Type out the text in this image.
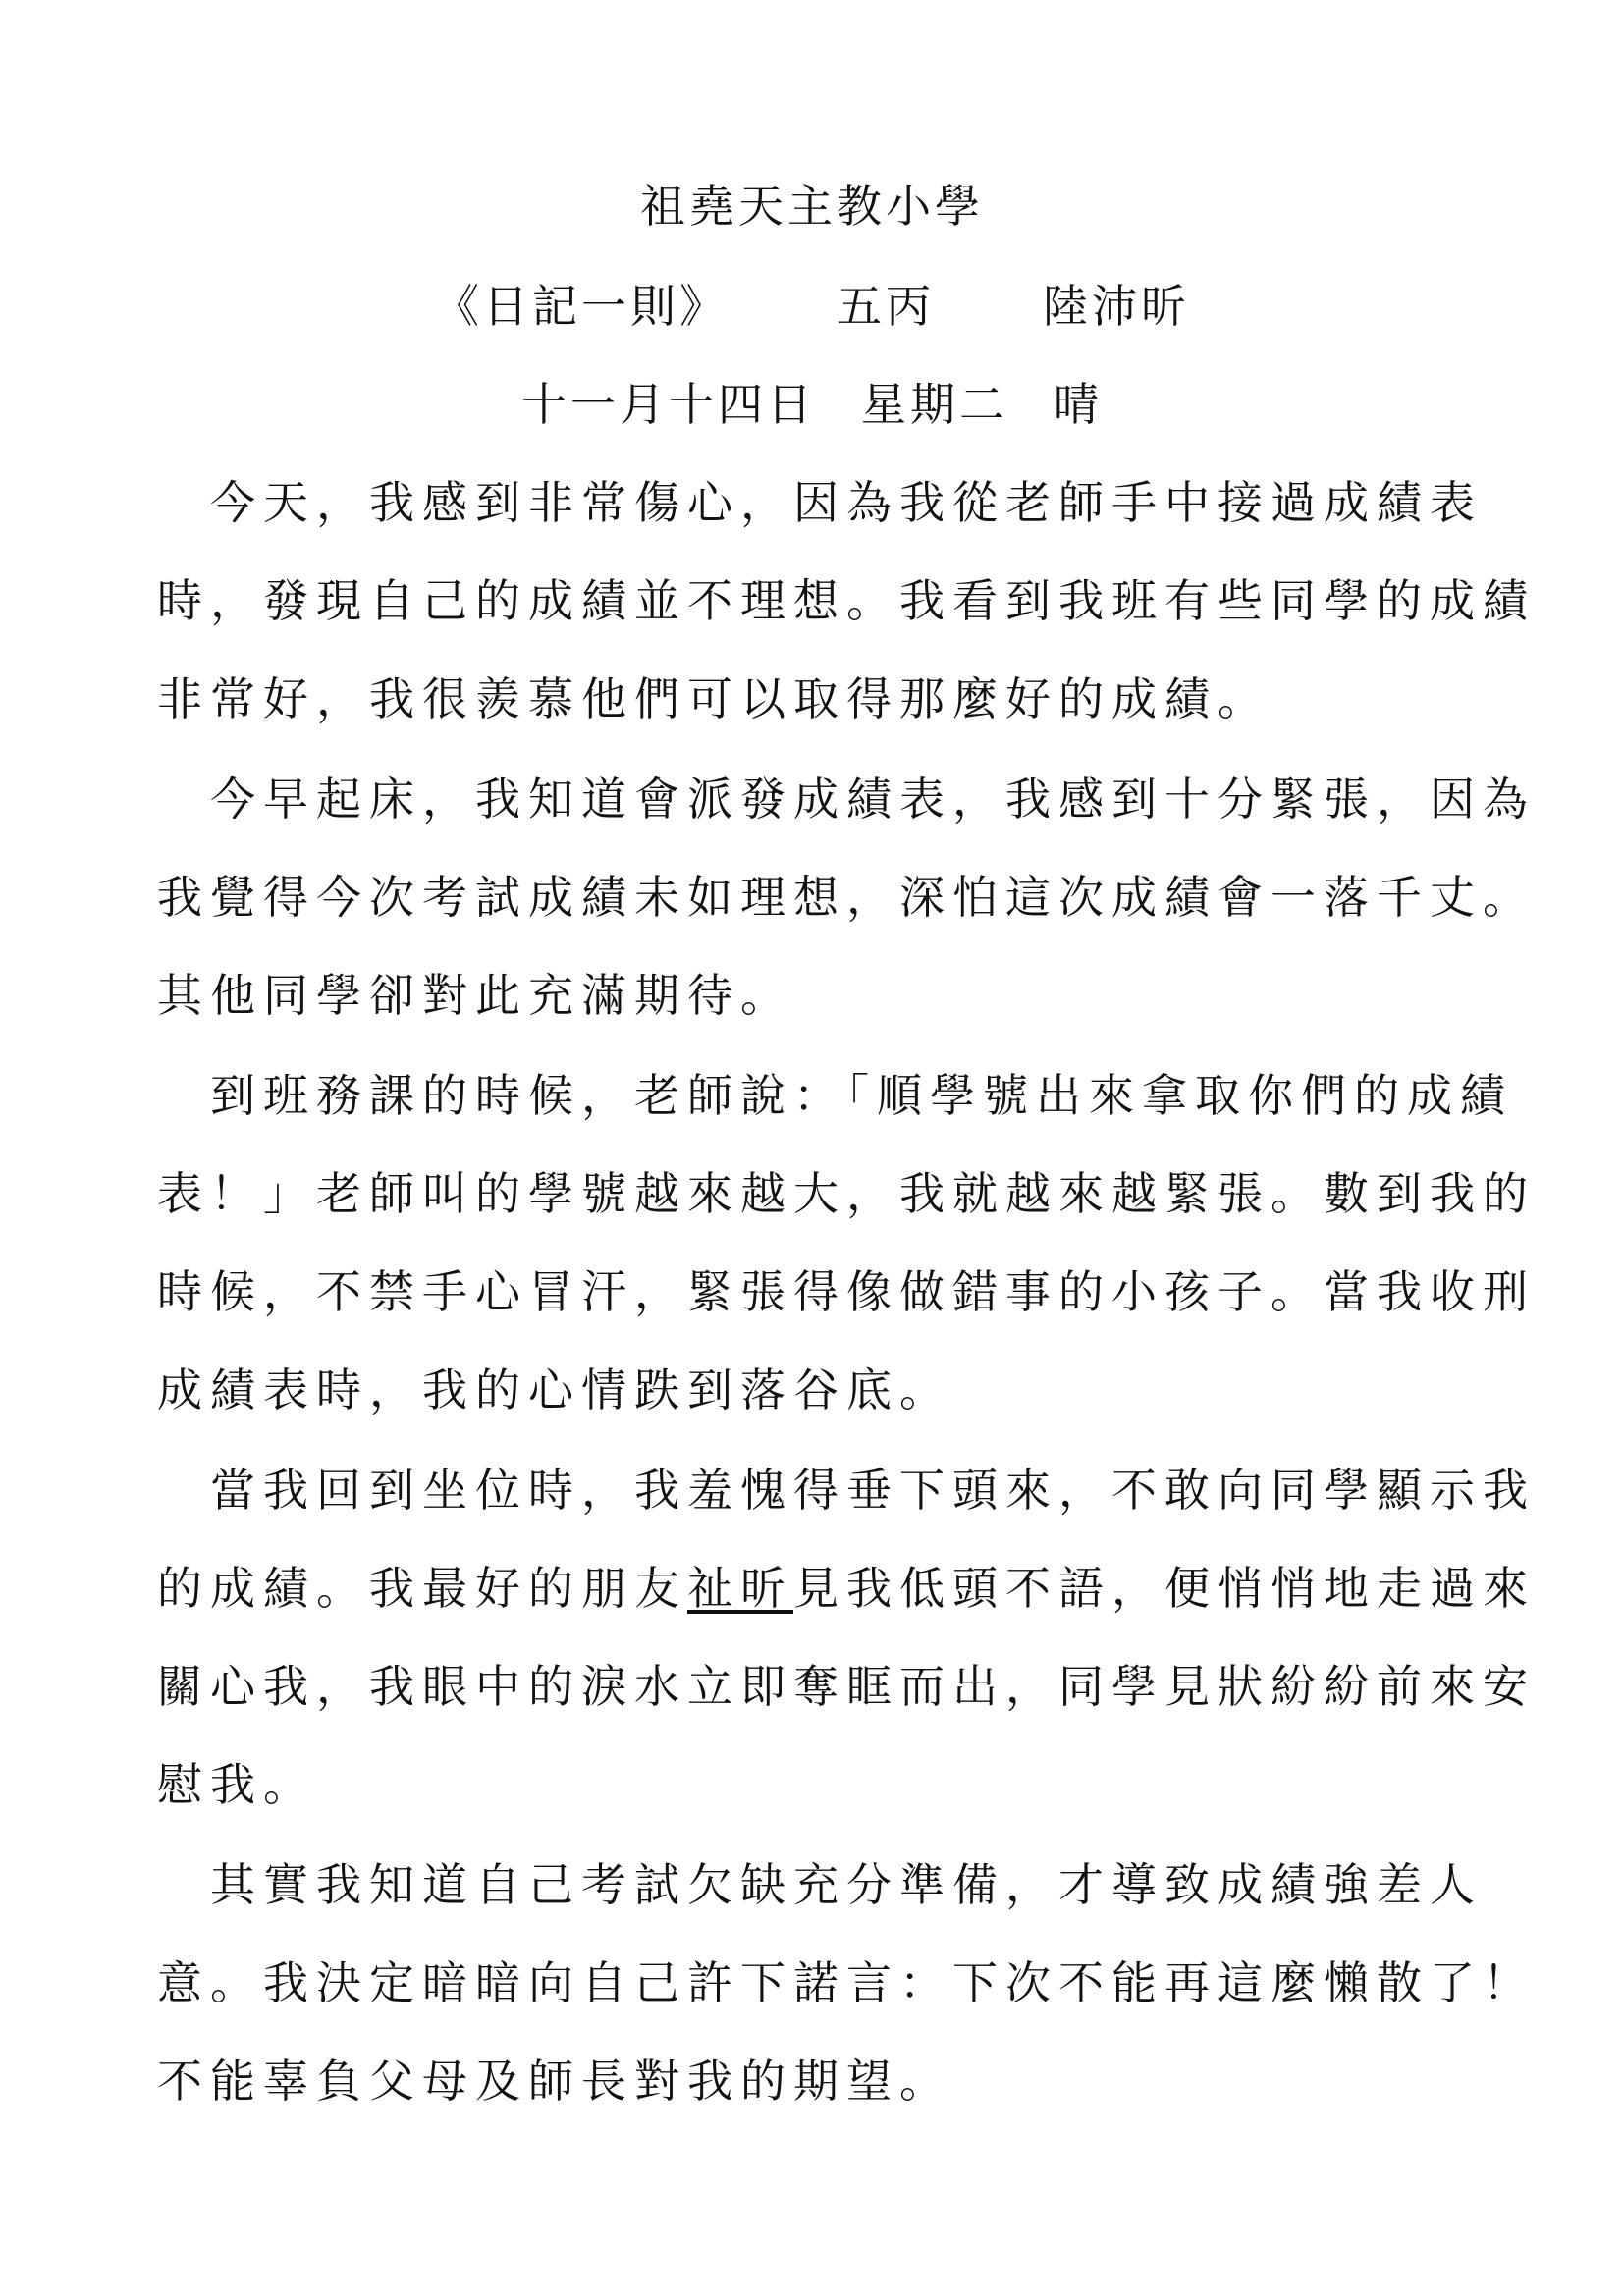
祖堯天主教小學
《日記一則》 五丙 陸沛昕
十一月十四日 星期二 晴
　今天，我感到非常傷心，因為我從老師手中接過成績表
時，發現自己的成績並不理想。我看到我班有些同學的成績
非常好，我很羨慕他們可以取得那麼好的成績。
　今早起床，我知道會派發成績表，我感到十分緊張，因為
我覺得今次考試成績未如理想，深怕這次成績會一落千丈。
其他同學卻對此充滿期待。
　到班務課的時候，老師說：「順學號出來拿取你們的成績
表！」老師叫的學號越來越大，我就越來越緊張。數到我的
時候，不禁手心冒汗，緊張得像做錯事的小孩子。當我收刑
成績表時，我的心情跌到落谷底。
　當我回到坐位時，我羞愧得垂下頭來，不敢向同學顯示我
的成績。我最好的朋友祉昕見我低頭不語，便悄悄地走過來
關心我，我眼中的淚水立即奪眶而出，同學見狀紛紛前來安
慰我。
　其實我知道自己考試欠缺充分準備，才導致成績強差人
意。我決定暗暗向自己許下諾言：下次不能再這麼懶散了！
不能辜負父母及師長對我的期望。
